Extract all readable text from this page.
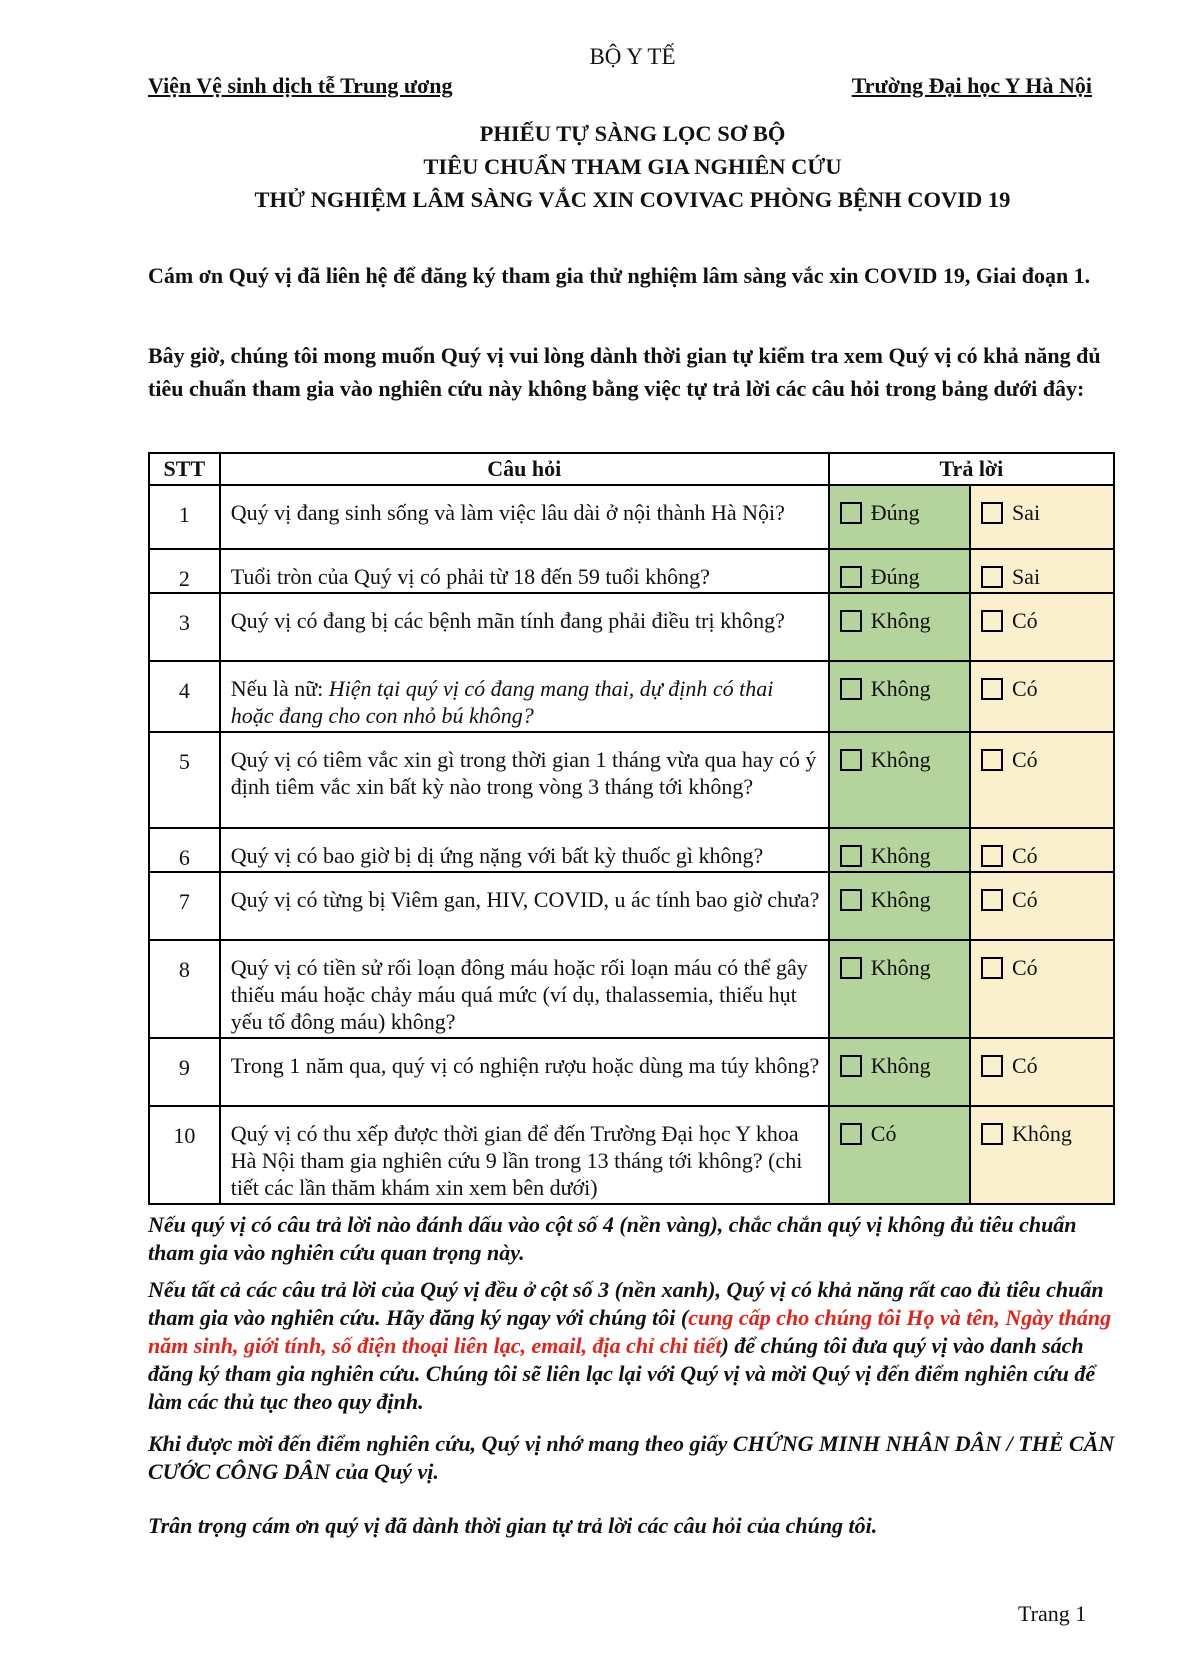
BỘ Y TẾ
Viện Vệ sinh dịch tễ Trung ương	Trường Đại học Y Hà Nội
PHIẾU TỰ SÀNG LỌC SƠ BỘ
TIÊU CHUẨN THAM GIA NGHIÊN CỨU
THỬ NGHIỆM LÂM SÀNG VẮC XIN COVIVAC PHÒNG BỆNH COVID 19
Cám ơn Quý vị đã liên hệ để đăng ký tham gia thử nghiệm lâm sàng vắc xin COVID 19, Giai đoạn 1.
Bây giờ, chúng tôi mong muốn Quý vị vui lòng dành thời gian tự kiểm tra xem Quý vị có khả năng đủ tiêu chuẩn tham gia vào nghiên cứu này không bằng việc tự trả lời các câu hỏi trong bảng dưới đây:
STT	Câu hỏi	Trả lời	
1	Quý vị đang sinh sống và làm việc lâu dài ở nội thành Hà Nội?	Đúng	Sai

2	Tuổi tròn của Quý vị có phải từ 18 đến 59 tuổi không?	Đúng	Sai

3	Quý vị có đang bị các bệnh mãn tính đang phải điều trị không?	Không	Có

4	Nếu là nữ: Hiện tại quý vị có đang mang thai, dự định có thai hoặc đang cho con nhỏ bú không?	Không	Có

5	Quý vị có tiêm vắc xin gì trong thời gian 1 tháng vừa qua hay có ý định tiêm vắc xin bất kỳ nào trong vòng 3 tháng tới không?	Không	Có

6	Quý vị có bao giờ bị dị ứng nặng với bất kỳ thuốc gì không?	Không	Có

7	Quý vị có từng bị Viêm gan, HIV, COVID, u ác tính bao giờ chưa?	Không	Có

8	Quý vị có tiền sử rối loạn đông máu hoặc rối loạn máu có thể gây thiếu máu hoặc chảy máu quá mức (ví dụ, thalassemia, thiếu hụt yếu tố đông máu) không?	Không	Có

9	Trong 1 năm qua, quý vị có nghiện rượu hoặc dùng ma túy không?	Không	Có

10	Quý vị có thu xếp được thời gian để đến Trường Đại học Y khoa Hà Nội tham gia nghiên cứu 9 lần trong 13 tháng tới không? (chi tiết các lần thăm khám xin xem bên dưới)	Có	Không
Nếu quý vị có câu trả lời nào đánh dấu vào cột số 4 (nền vàng), chắc chắn quý vị không đủ tiêu chuẩn tham gia vào nghiên cứu quan trọng này.
Nếu tất cả các câu trả lời của Quý vị đều ở cột số 3 (nền xanh), Quý vị có khả năng rất cao đủ tiêu chuẩn tham gia vào nghiên cứu. Hãy đăng ký ngay với chúng tôi (cung cấp cho chúng tôi Họ và tên, Ngày tháng năm sinh, giới tính, số điện thoại liên lạc, email, địa chỉ chi tiết) để chúng tôi đưa quý vị vào danh sách đăng ký tham gia nghiên cứu. Chúng tôi sẽ liên lạc lại với Quý vị và mời Quý vị đến điểm nghiên cứu để làm các thủ tục theo quy định.
Khi được mời đến điểm nghiên cứu, Quý vị nhớ mang theo giấy CHỨNG MINH NHÂN DÂN / THẺ CĂN CƯỚC CÔNG DÂN của Quý vị.
Trân trọng cám ơn quý vị đã dành thời gian tự trả lời các câu hỏi của chúng tôi.
Trang 1
